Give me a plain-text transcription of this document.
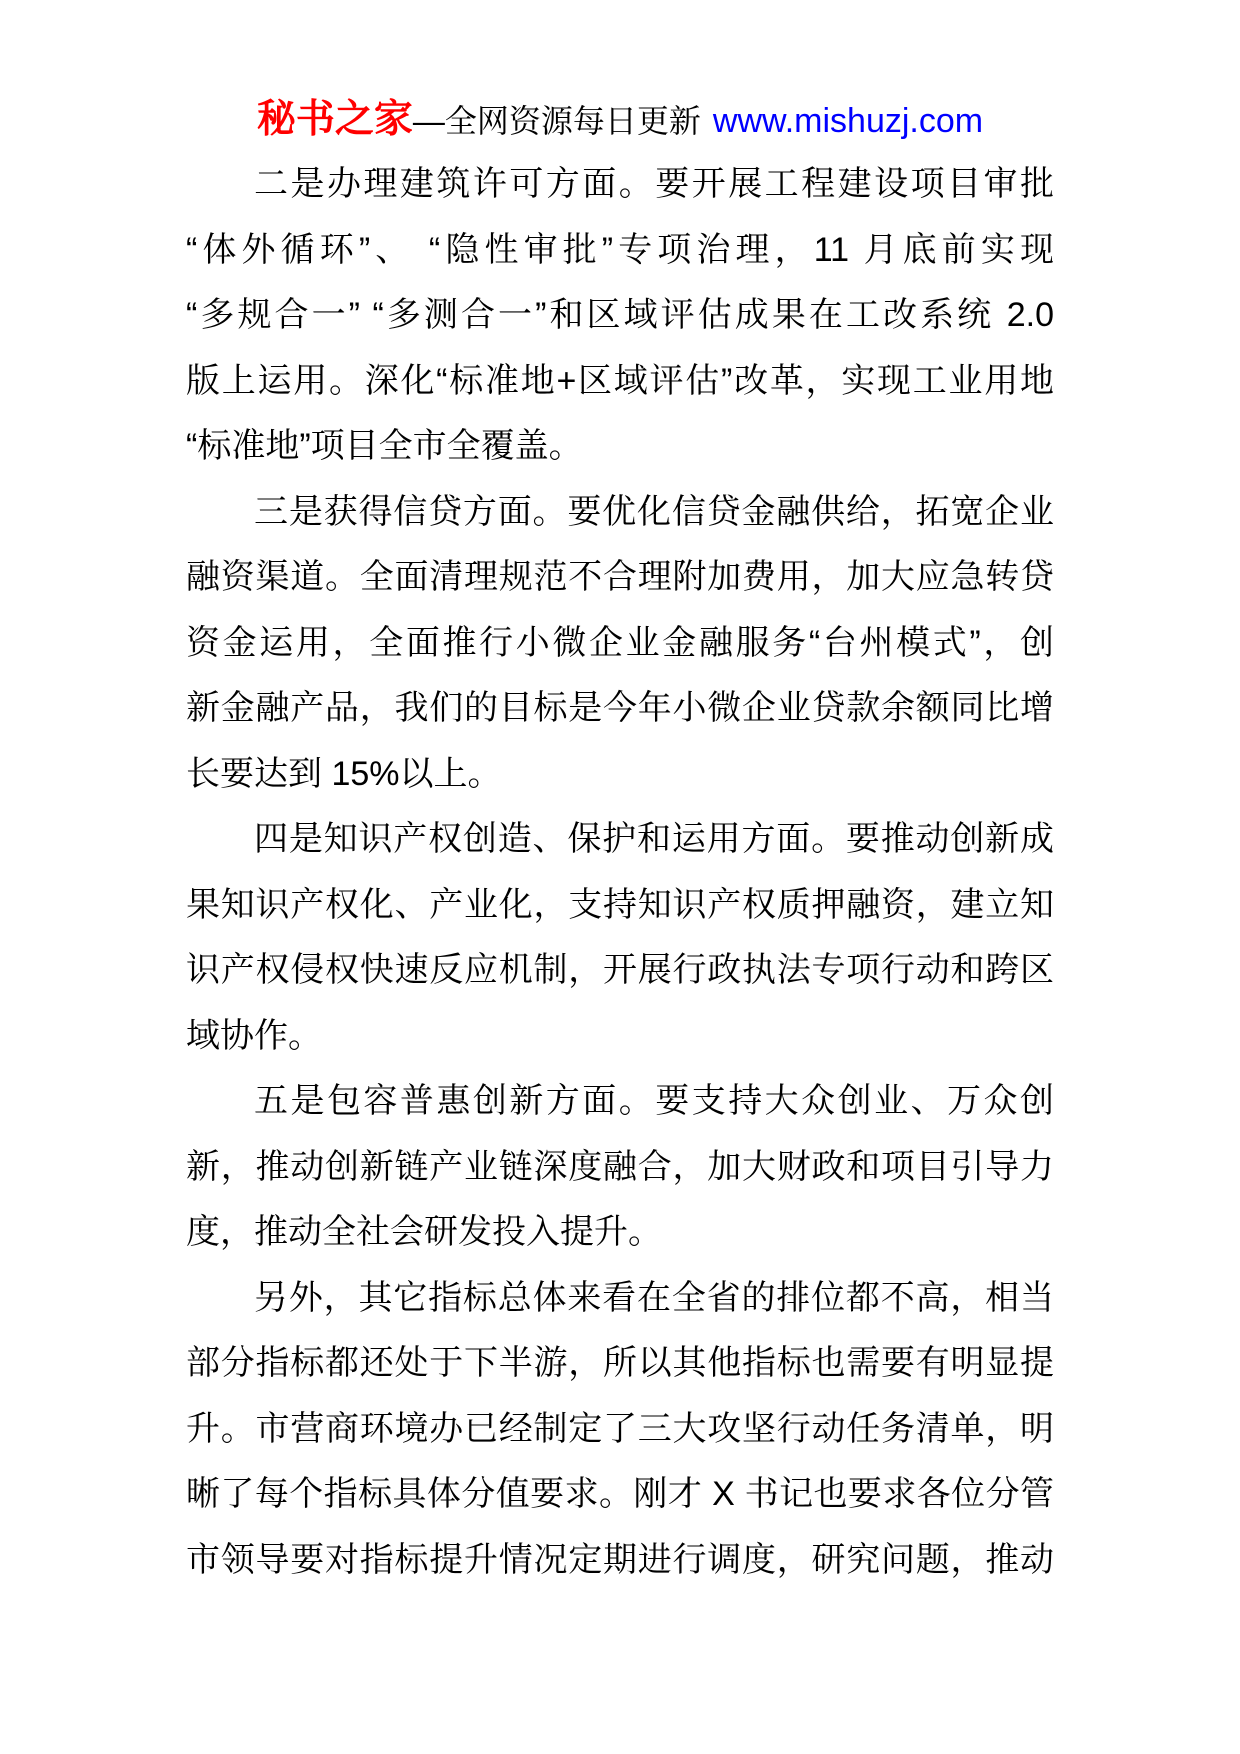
秘书之家—全网资源每日更新 www.mishuzj.com
二是办理建筑许可方面。要开展工程建设项目审批
“体外循环”、 “隐性审批”专项治理，11 月底前实现
“多规合一” “多测合一”和区域评估成果在工改系统 2.0
版上运用。深化“标准地+区域评估”改革，实现工业用地
“标准地”项目全市全覆盖。
三是获得信贷方面。要优化信贷金融供给，拓宽企业
融资渠道。全面清理规范不合理附加费用，加大应急转贷
资金运用，全面推行小微企业金融服务“台州模式”，创
新金融产品，我们的目标是今年小微企业贷款余额同比增
长要达到 15%以上。
四是知识产权创造、保护和运用方面。要推动创新成
果知识产权化、产业化，支持知识产权质押融资，建立知
识产权侵权快速反应机制，开展行政执法专项行动和跨区
域协作。
五是包容普惠创新方面。要支持大众创业、万众创
新，推动创新链产业链深度融合，加大财政和项目引导力
度，推动全社会研发投入提升。
另外，其它指标总体来看在全省的排位都不高，相当
部分指标都还处于下半游，所以其他指标也需要有明显提
升。市营商环境办已经制定了三大攻坚行动任务清单，明
晰了每个指标具体分值要求。刚才 X 书记也要求各位分管
市领导要对指标提升情况定期进行调度，研究问题，推动
